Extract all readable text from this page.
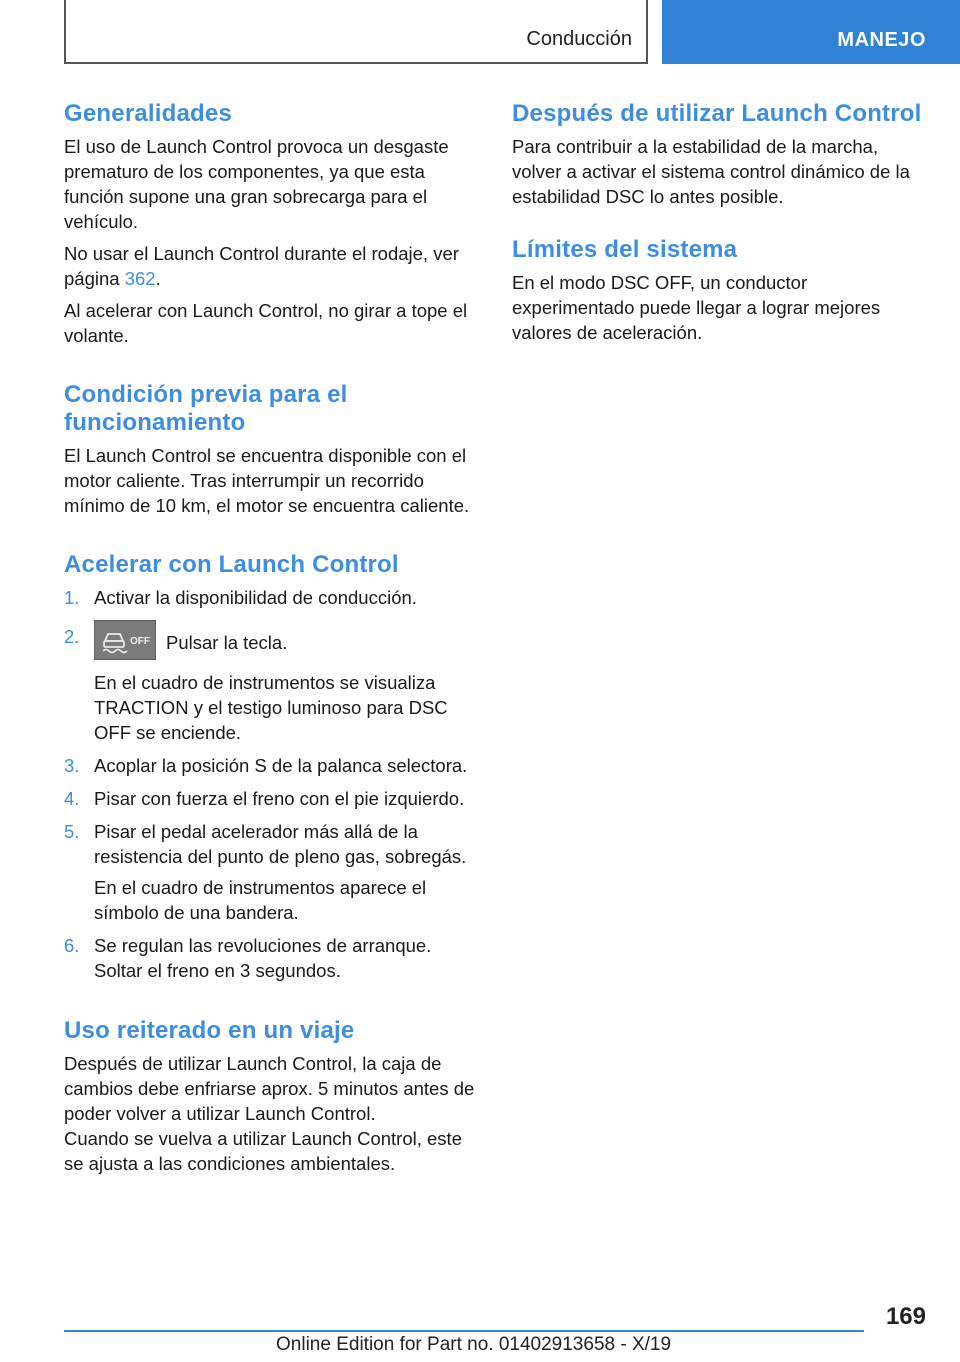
Conducción	MANEJO
Generalidades

El uso de Launch Control provoca un desgaste prematuro de los componentes, ya que esta función supone una gran sobrecarga para el vehículo.

No usar el Launch Control durante el rodaje, ver página 362.

Al acelerar con Launch Control, no girar a tope el volante.

Condición previa para el funcionamiento

El Launch Control se encuentra disponible con el motor caliente. Tras interrumpir un recorrido mínimo de 10 km, el motor se encuentra caliente.

Acelerar con Launch Control
1. Activar la disponibilidad de conducción.
2.	OFF Pulsar la tecla.

En el cuadro de instrumentos se visualiza TRACTION y el testigo luminoso para DSC OFF se enciende.

3. Acoplar la posición S de la palanca selectora.
4. Pisar con fuerza el freno con el pie izquierdo.
5. Pisar el pedal acelerador más allá de la resistencia del punto de pleno gas, sobregás.

En el cuadro de instrumentos aparece el símbolo de una bandera.

6. Se regulan las revoluciones de arranque. Soltar el freno en 3 segundos.
Uso reiterado en un viaje

Después de utilizar Launch Control, la caja de cambios debe enfriarse aprox. 5 minutos antes de poder volver a utilizar Launch Control.

Cuando se vuelva a utilizar Launch Control, este se ajusta a las condiciones ambientales.

Después de utilizar Launch Control

Para contribuir a la estabilidad de la marcha, volver a activar el sistema control dinámico de la estabilidad DSC lo antes posible.

Límites del sistema

En el modo DSC OFF, un conductor experimentado puede llegar a lograr mejores valores de aceleración.

169
Online Edition for Part no. 01402913658 - X/19
